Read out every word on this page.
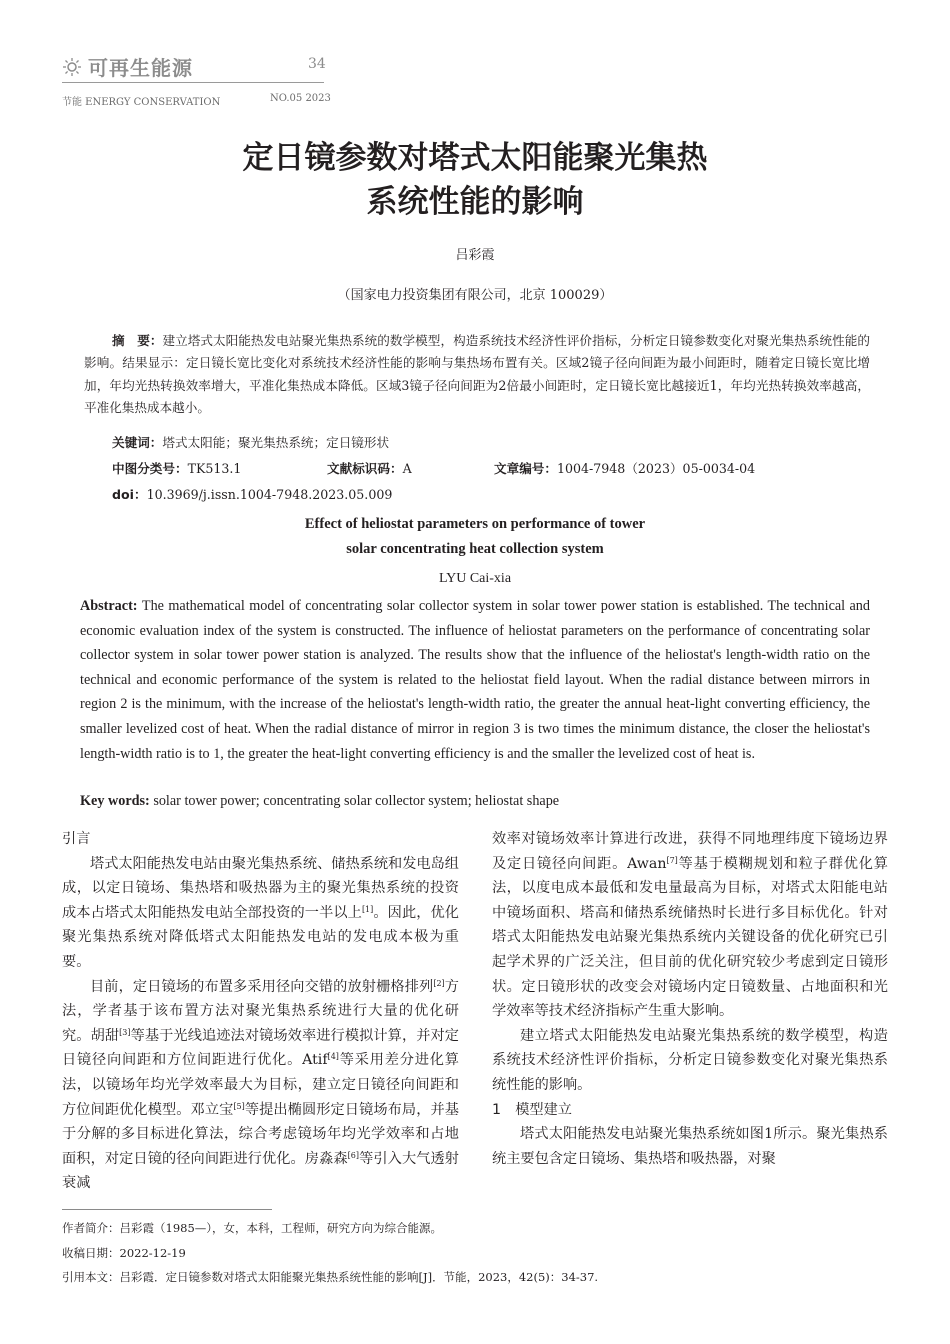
可再生能源	34
节能 ENERGY CONSERVATION	NO.05 2023
定日镜参数对塔式太阳能聚光集热
系统性能的影响
吕彩霞
（国家电力投资集团有限公司，北京 100029）
摘　要：建立塔式太阳能热发电站聚光集热系统的数学模型，构造系统技术经济性评价指标，分析定日镜参数变化对聚光集热系统性能的影响。结果显示：定日镜长宽比变化对系统技术经济性能的影响与集热场布置有关。区域2镜子径向间距为最小间距时，随着定日镜长宽比增加，年均光热转换效率增大，平准化集热成本降低。区域3镜子径向间距为2倍最小间距时，定日镜长宽比越接近1，年均光热转换效率越高，平准化集热成本越小。
关键词：塔式太阳能；聚光集热系统；定日镜形状
中图分类号：TK513.1	文献标识码：A	文章编号：1004-7948（2023）05-0034-04
doi：10.3969/j.issn.1004-7948.2023.05.009
Effect of heliostat parameters on performance of tower
solar concentrating heat collection system
LYU Cai-xia
Abstract: The mathematical model of concentrating solar collector system in solar tower power station is established. The technical and economic evaluation index of the system is constructed. The influence of heliostat parameters on the performance of concentrating solar collector system in solar tower power station is analyzed. The results show that the influence of the heliostat's length-width ratio on the technical and economic performance of the system is related to the heliostat field layout. When the radial distance between mirrors in region 2 is the minimum, with the increase of the heliostat's length-width ratio, the greater the annual heat-light converting efficiency, the smaller levelized cost of heat. When the radial distance of mirror in region 3 is two times the minimum distance, the closer the heliostat's length-width ratio is to 1, the greater the heat-light converting efficiency is and the smaller the levelized cost of heat is.
Key words: solar tower power; concentrating solar collector system; heliostat shape

引言

塔式太阳能热发电站由聚光集热系统、储热系统和发电岛组成，以定日镜场、集热塔和吸热器为主的聚光集热系统的投资成本占塔式太阳能热发电站全部投资的一半以上[1]。因此，优化聚光集热系统对降低塔式太阳能热发电站的发电成本极为重要。

目前，定日镜场的布置多采用径向交错的放射栅格排列[2]方法，学者基于该布置方法对聚光集热系统进行大量的优化研究。胡甜[3]等基于光线追迹法对镜场效率进行模拟计算，并对定日镜径向间距和方位间距进行优化。Atif[4]等采用差分进化算法，以镜场年均光学效率最大为目标，建立定日镜径向间距和方位间距优化模型。邓立宝[5]等提出椭圆形定日镜场布局，并基于分解的多目标进化算法，综合考虑镜场年均光学效率和占地面积，对定日镜的径向间距进行优化。房淼森[6]等引入大气透射衰减

效率对镜场效率计算进行改进，获得不同地理纬度下镜场边界及定日镜径向间距。Awan[7]等基于模糊规划和粒子群优化算法，以度电成本最低和发电量最高为目标，对塔式太阳能电站中镜场面积、塔高和储热系统储热时长进行多目标优化。针对塔式太阳能热发电站聚光集热系统内关键设备的优化研究已引起学术界的广泛关注，但目前的优化研究较少考虑到定日镜形状。定日镜形状的改变会对镜场内定日镜数量、占地面积和光学效率等技术经济指标产生重大影响。

建立塔式太阳能热发电站聚光集热系统的数学模型，构造系统技术经济性评价指标，分析定日镜参数变化对聚光集热系统性能的影响。

1　模型建立

塔式太阳能热发电站聚光集热系统如图1所示。聚光集热系统主要包含定日镜场、集热塔和吸热器，对聚

作者简介：吕彩霞（1985—），女，本科，工程师，研究方向为综合能源。
收稿日期：2022-12-19
引用本文：吕彩霞．定日镜参数对塔式太阳能聚光集热系统性能的影响[J]．节能，2023，42(5)：34-37.
